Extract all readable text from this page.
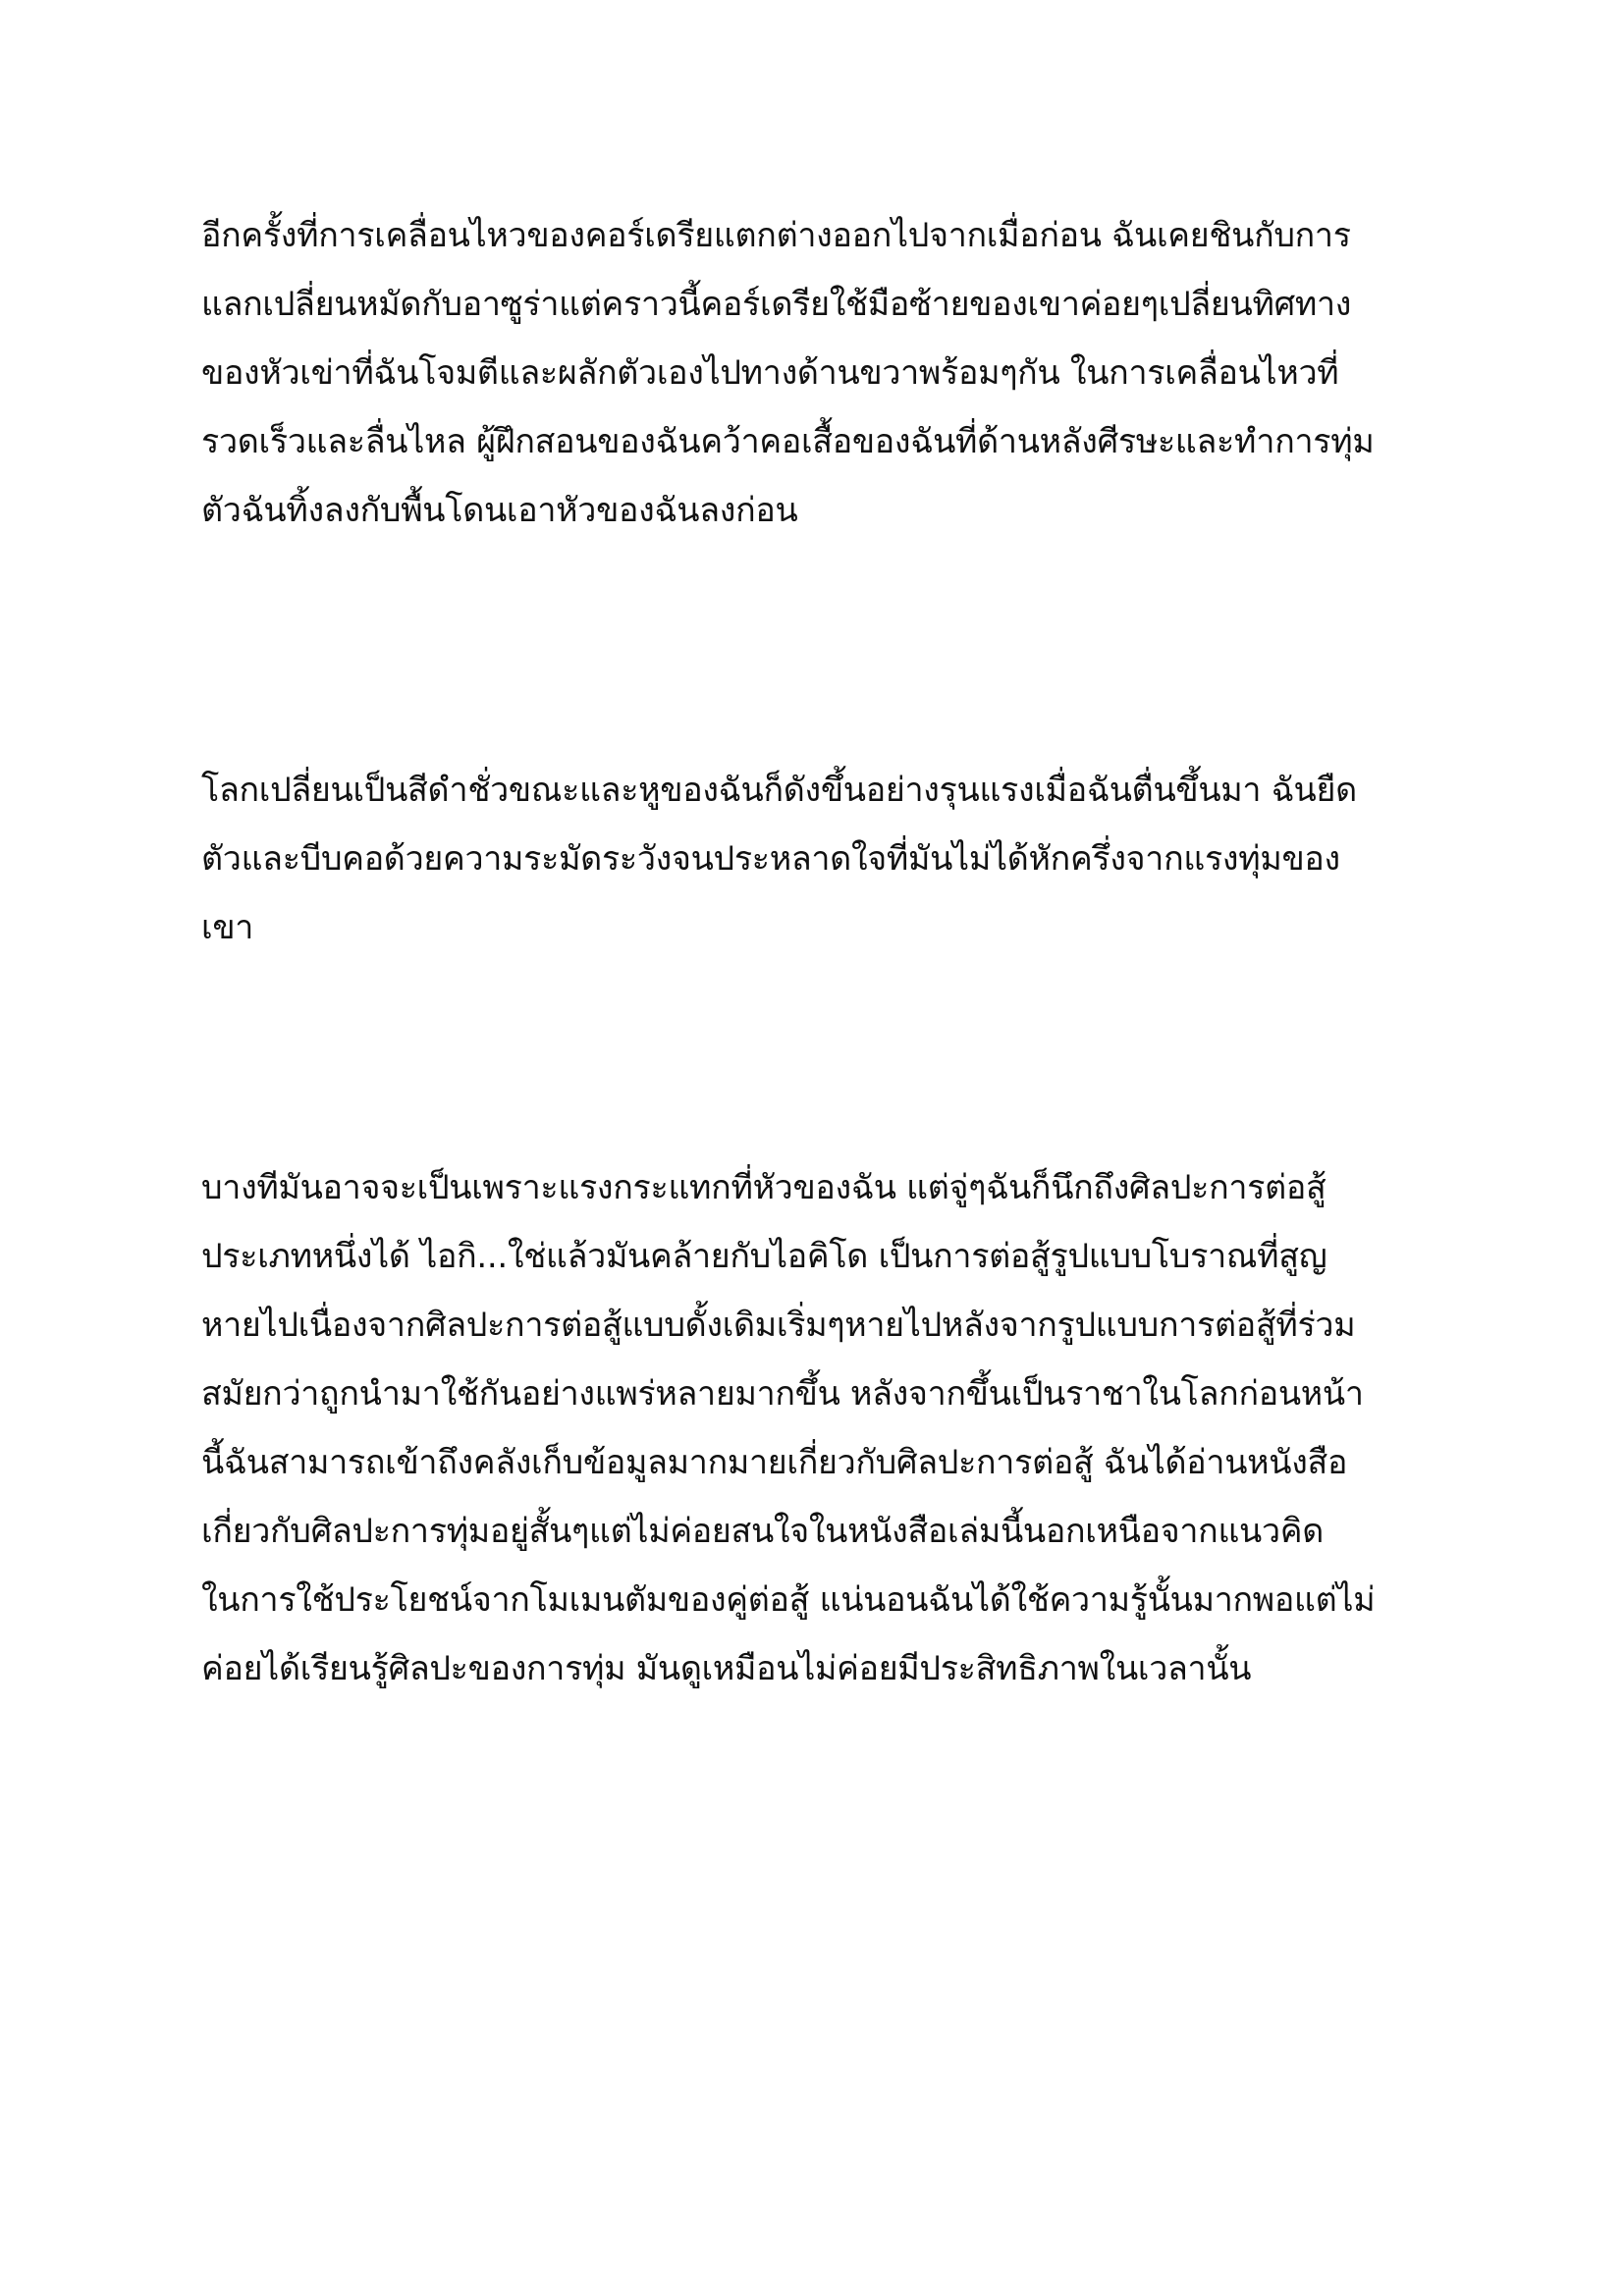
อีกครั้งที่การเคลื่อนไหวของคอร์เดรียแตกต่างออกไปจากเมื่อก่อน ฉันเคยชินกับการ
แลกเปลี่ยนหมัดกับอาซูร่าแต่คราวนี้คอร์เดรียใช้มือซ้ายของเขาค่อยๆเปลี่ยนทิศทาง
ของหัวเข่าที่ฉันโจมตีและผลักตัวเองไปทางด้านขวาพร้อมๆกัน ในการเคลื่อนไหวที่
รวดเร็วและลื่นไหล ผู้ฝึกสอนของฉันคว้าคอเสื้อของฉันที่ด้านหลังศีรษะและทำการทุ่ม
ตัวฉันทิ้งลงกับพื้นโดนเอาหัวของฉันลงก่อน
โลกเปลี่ยนเป็นสีดำชั่วขณะและหูของฉันก็ดังขึ้นอย่างรุนแรงเมื่อฉันตื่นขึ้นมา ฉันยืด
ตัวและบีบคอด้วยความระมัดระวังจนประหลาดใจที่มันไม่ได้หักครึ่งจากแรงทุ่มของ
เขา
บางทีมันอาจจะเป็นเพราะแรงกระแทกที่หัวของฉัน แต่จู่ๆฉันก็นึกถึงศิลปะการต่อสู้
ประเภทหนึ่งได้ ไอกิ...ใช่แล้วมันคล้ายกับไอคิโด เป็นการต่อสู้รูปแบบโบราณที่สูญ
หายไปเนื่องจากศิลปะการต่อสู้แบบดั้งเดิมเริ่มๆหายไปหลังจากรูปแบบการต่อสู้ที่ร่วม
สมัยกว่าถูกนำมาใช้กันอย่างแพร่หลายมากขึ้น หลังจากขึ้นเป็นราชาในโลกก่อนหน้า
นี้ฉันสามารถเข้าถึงคลังเก็บข้อมูลมากมายเกี่ยวกับศิลปะการต่อสู้ ฉันได้อ่านหนังสือ
เกี่ยวกับศิลปะการทุ่มอยู่สั้นๆแต่ไม่ค่อยสนใจในหนังสือเล่มนี้นอกเหนือจากแนวคิด
ในการใช้ประโยชน์จากโมเมนตัมของคู่ต่อสู้ แน่นอนฉันได้ใช้ความรู้นั้นมากพอแต่ไม่
ค่อยได้เรียนรู้ศิลปะของการทุ่ม มันดูเหมือนไม่ค่อยมีประสิทธิภาพในเวลานั้น
